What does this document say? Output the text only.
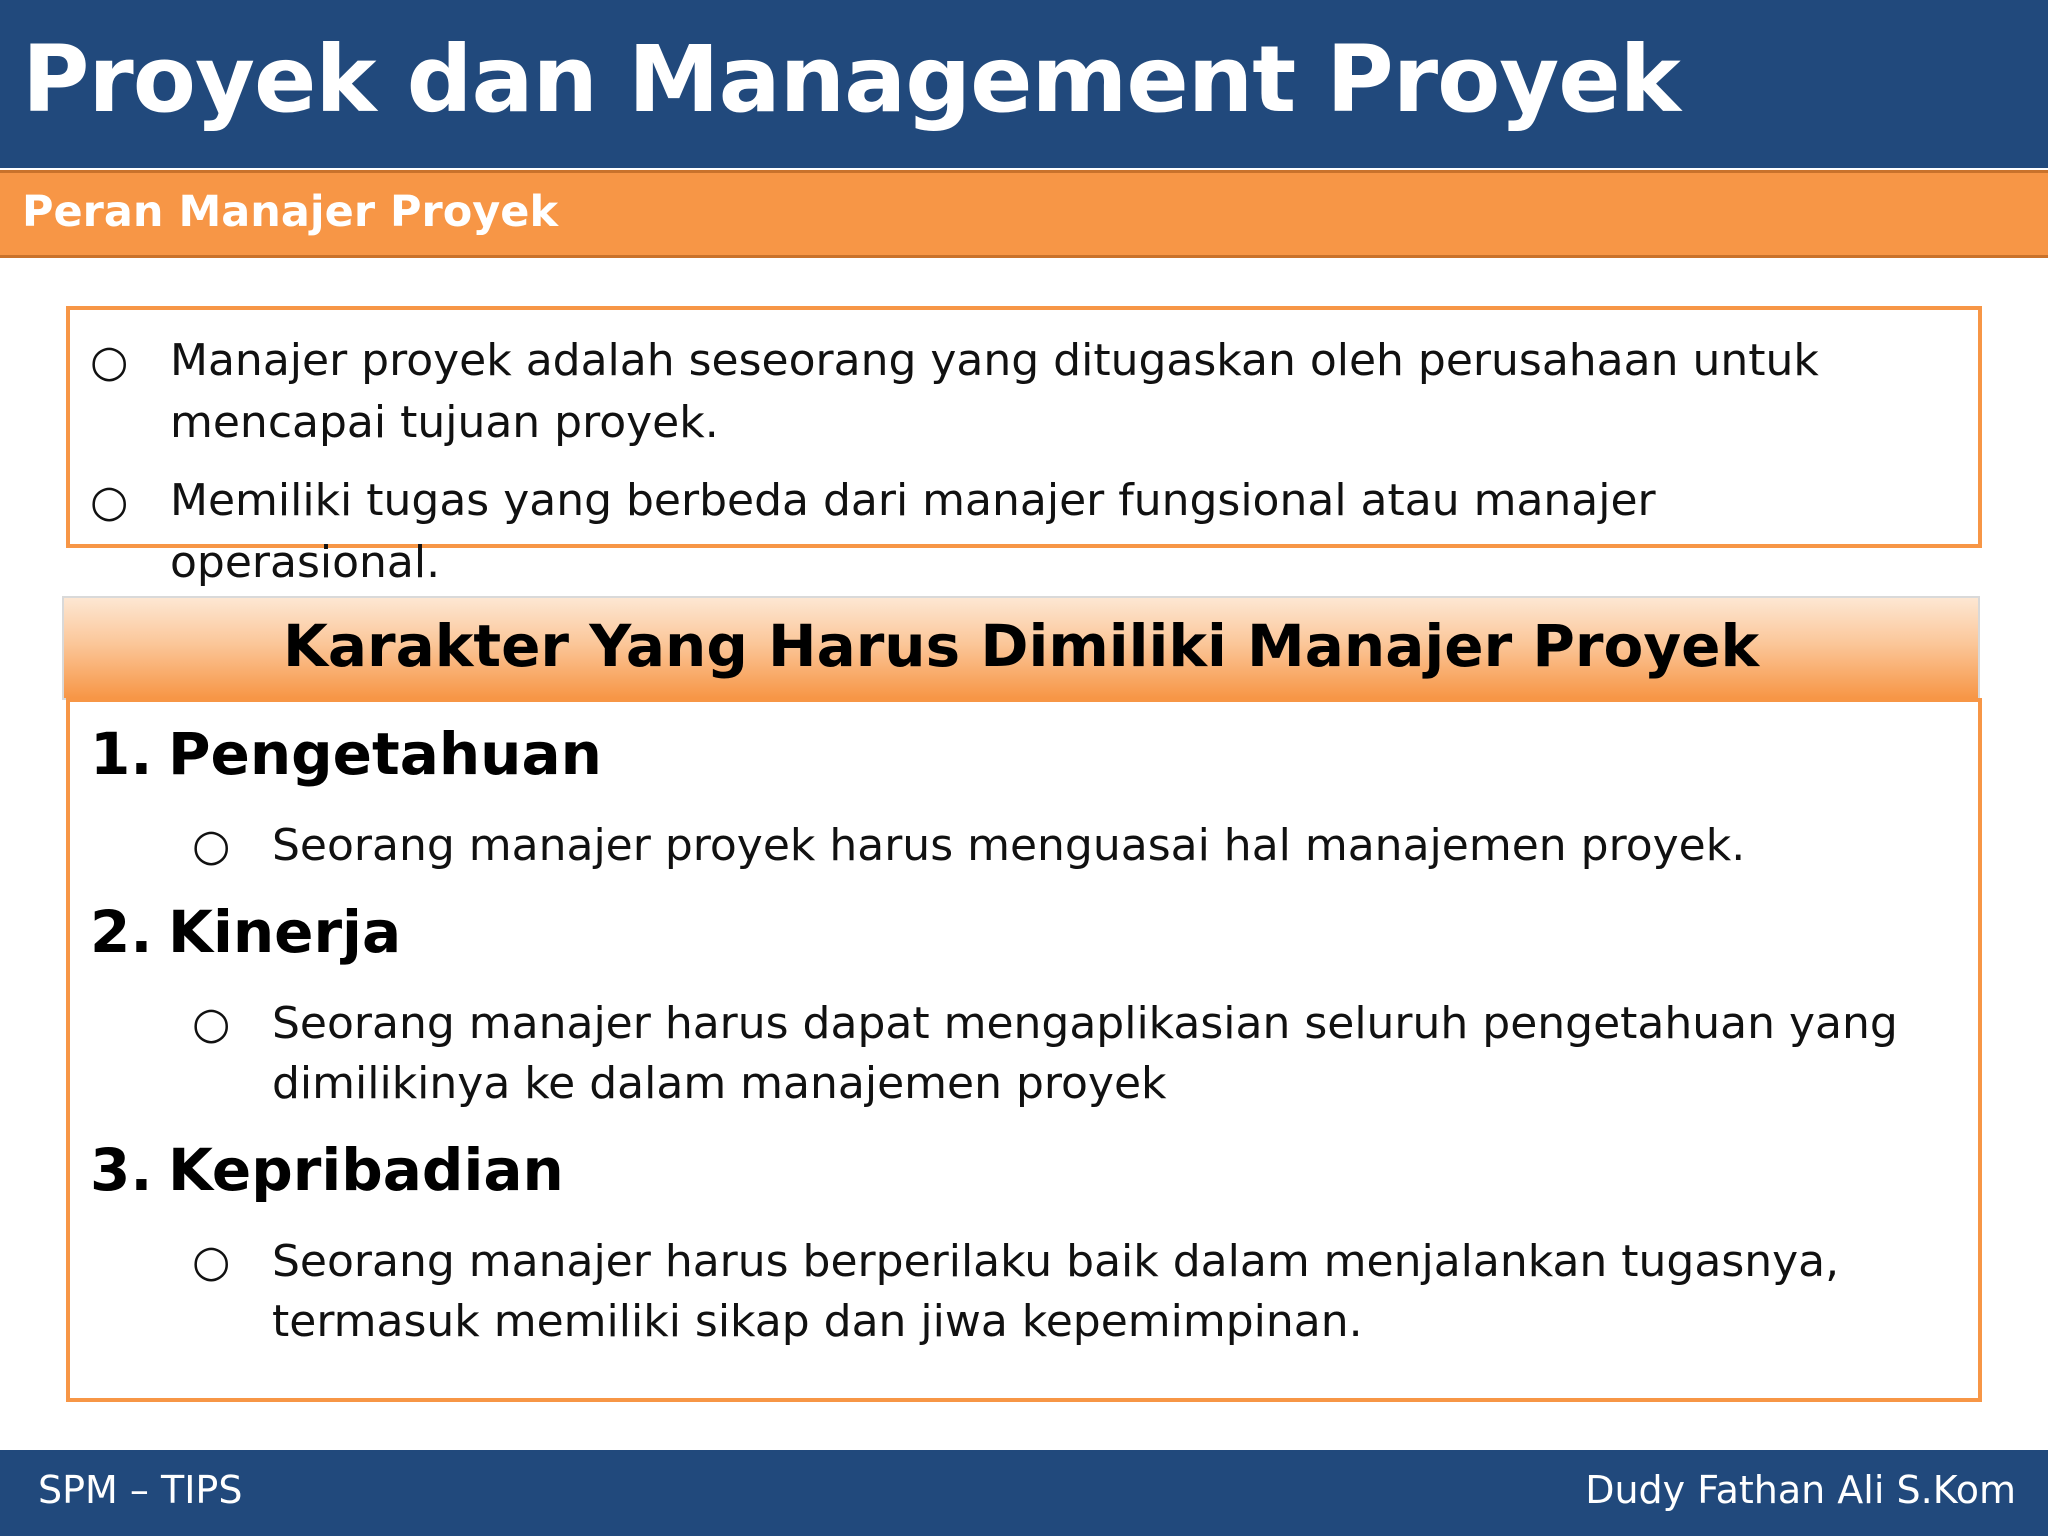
Proyek dan Management Proyek
Peran Manajer Proyek
○ Manajer proyek adalah seseorang yang ditugaskan oleh perusahaan untuk mencapai tujuan proyek.
○ Memiliki tugas yang berbeda dari manajer fungsional atau manajer operasional.
Karakter Yang Harus Dimiliki Manajer Proyek
1. Pengetahuan
○ Seorang manajer proyek harus menguasai hal manajemen proyek.
2. Kinerja
○ Seorang manajer harus dapat mengaplikasian seluruh pengetahuan yang dimilikinya ke dalam manajemen proyek
3. Kepribadian
○ Seorang manajer harus berperilaku baik dalam menjalankan tugasnya, termasuk memiliki sikap dan jiwa kepemimpinan.
SPM – TIPS	Dudy Fathan Ali S.Kom
